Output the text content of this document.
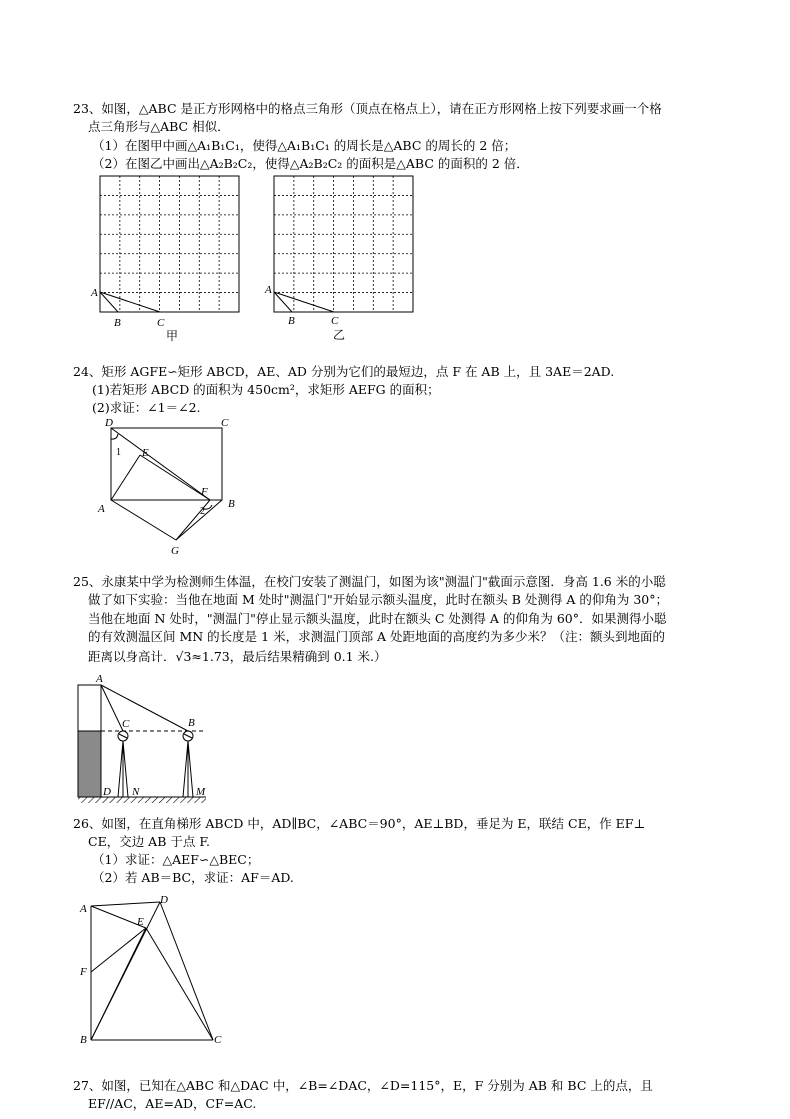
23、如图，△ABC 是正方形网格中的格点三角形（顶点在格点上），请在正方形网格上按下列要求画一个格
点三角形与△ABC 相似．
（1）在图甲中画△A₁B₁C₁，使得△A₁B₁C₁ 的周长是△ABC 的周长的 2 倍；
（2）在图乙中画出△A₂B₂C₂，使得△A₂B₂C₂ 的面积是△ABC 的面积的 2 倍．
A
B	C
甲
A
B	C
乙
24、矩形 AGFE∽矩形 ABCD，AE、AD 分别为它们的最短边，点 F 在 AB 上，且 3AE＝2AD.
(1)若矩形 ABCD 的面积为 450cm²，求矩形 AEFG 的面积；
(2)求证：∠1＝∠2.
D	C
E
F
A	B
G
1
2
25、永康某中学为检测师生体温，在校门安装了测温门，如图为该"测温门"截面示意图．身高 1.6 米的小聪
做了如下实验：当他在地面 M 处时"测温门"开始显示额头温度，此时在额头 B 处测得 A 的仰角为 30°；
当他在地面 N 处时，"测温门"停止显示额头温度，此时在额头 C 处测得 A 的仰角为 60°．如果测得小聪
的有效测温区间 MN 的长度是 1 米，求测温门顶部 A 处距地面的高度约为多少米？（注：额头到地面的
距离以身高计．√3≈1.73，最后结果精确到 0.1 米.）
A
B
C
D N	M
26、如图，在直角梯形 ABCD 中，AD∥BC，∠ABC＝90°，AE⊥BD，垂足为 E，联结 CE，作 EF⊥
CE，交边 AB 于点 F.
（1）求证：△AEF∽△BEC；
（2）若 AB＝BC，求证：AF＝AD.
A
D
E
F
B	C
27、如图，已知在△ABC 和△DAC 中，∠B=∠DAC，∠D=115°，E，F 分别为 AB 和 BC 上的点，且
EF//AC，AE=AD，CF=AC.
